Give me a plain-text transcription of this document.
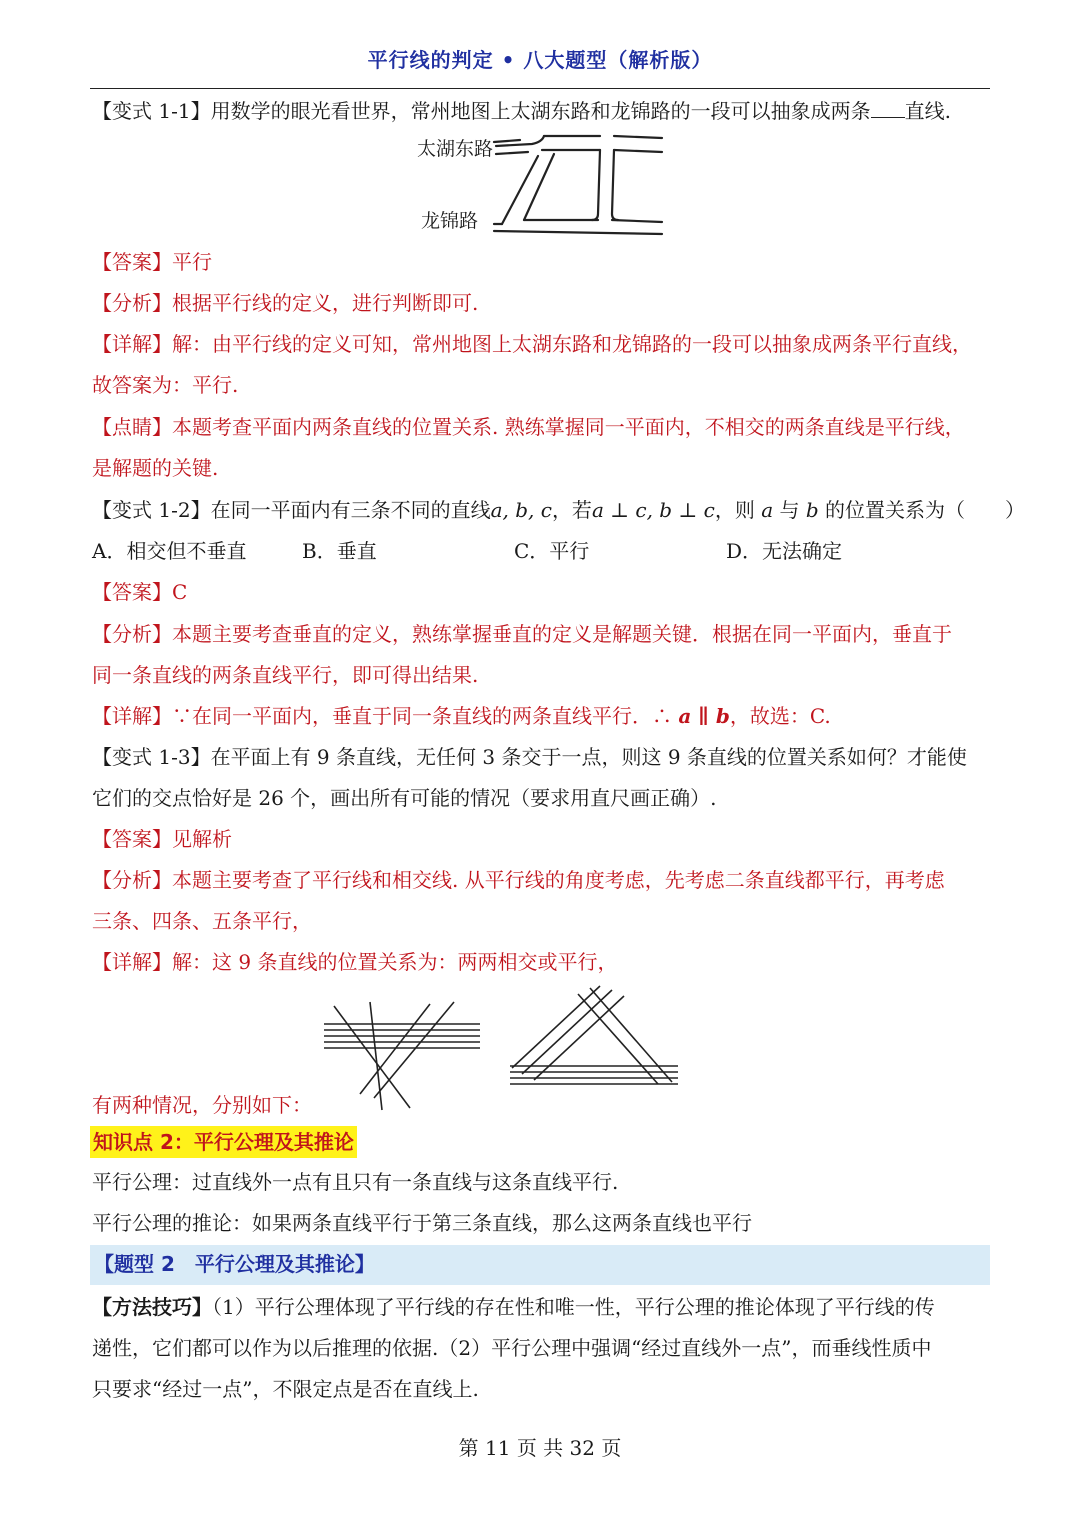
平行线的判定 • 八大题型（解析版）
【变式 1-1】用数学的眼光看世界，常州地图上太湖东路和龙锦路的一段可以抽象成两条 直线.
太湖东路
龙锦路
【答案】平行
【分析】根据平行线的定义，进行判断即可.
【详解】解：由平行线的定义可知，常州地图上太湖东路和龙锦路的一段可以抽象成两条平行直线，
故答案为：平行.
【点睛】本题考查平面内两条直线的位置关系. 熟练掌握同一平面内，不相交的两条直线是平行线，
是解题的关键.
【变式 1-2】在同一平面内有三条不同的直线a, b, c，若a ⊥ c, b ⊥ c，则 a 与 b 的位置关系为（　　）
A．相交但不垂直	B．垂直	C．平行	D．无法确定
【答案】C
【分析】本题主要考查垂直的定义，熟练掌握垂直的定义是解题关键．根据在同一平面内，垂直于
同一条直线的两条直线平行，即可得出结果.
【详解】∵在同一平面内，垂直于同一条直线的两条直线平行．∴ a ∥ b，故选：C.
【变式 1-3】在平面上有 9 条直线，无任何 3 条交于一点，则这 9 条直线的位置关系如何？才能使
它们的交点恰好是 26 个，画出所有可能的情况（要求用直尺画正确）.
【答案】见解析
【分析】本题主要考查了平行线和相交线. 从平行线的角度考虑，先考虑二条直线都平行，再考虑
三条、四条、五条平行，
【详解】解：这 9 条直线的位置关系为：两两相交或平行，
有两种情况，分别如下：
知识点 2：平行公理及其推论
平行公理：过直线外一点有且只有一条直线与这条直线平行.
平行公理的推论：如果两条直线平行于第三条直线，那么这两条直线也平行
【题型 2　平行公理及其推论】
【方法技巧】（1）平行公理体现了平行线的存在性和唯一性，平行公理的推论体现了平行线的传
递性，它们都可以作为以后推理的依据.（2）平行公理中强调“经过直线外一点”，而垂线性质中
只要求“经过一点”，不限定点是否在直线上.
第 11 页 共 32 页
